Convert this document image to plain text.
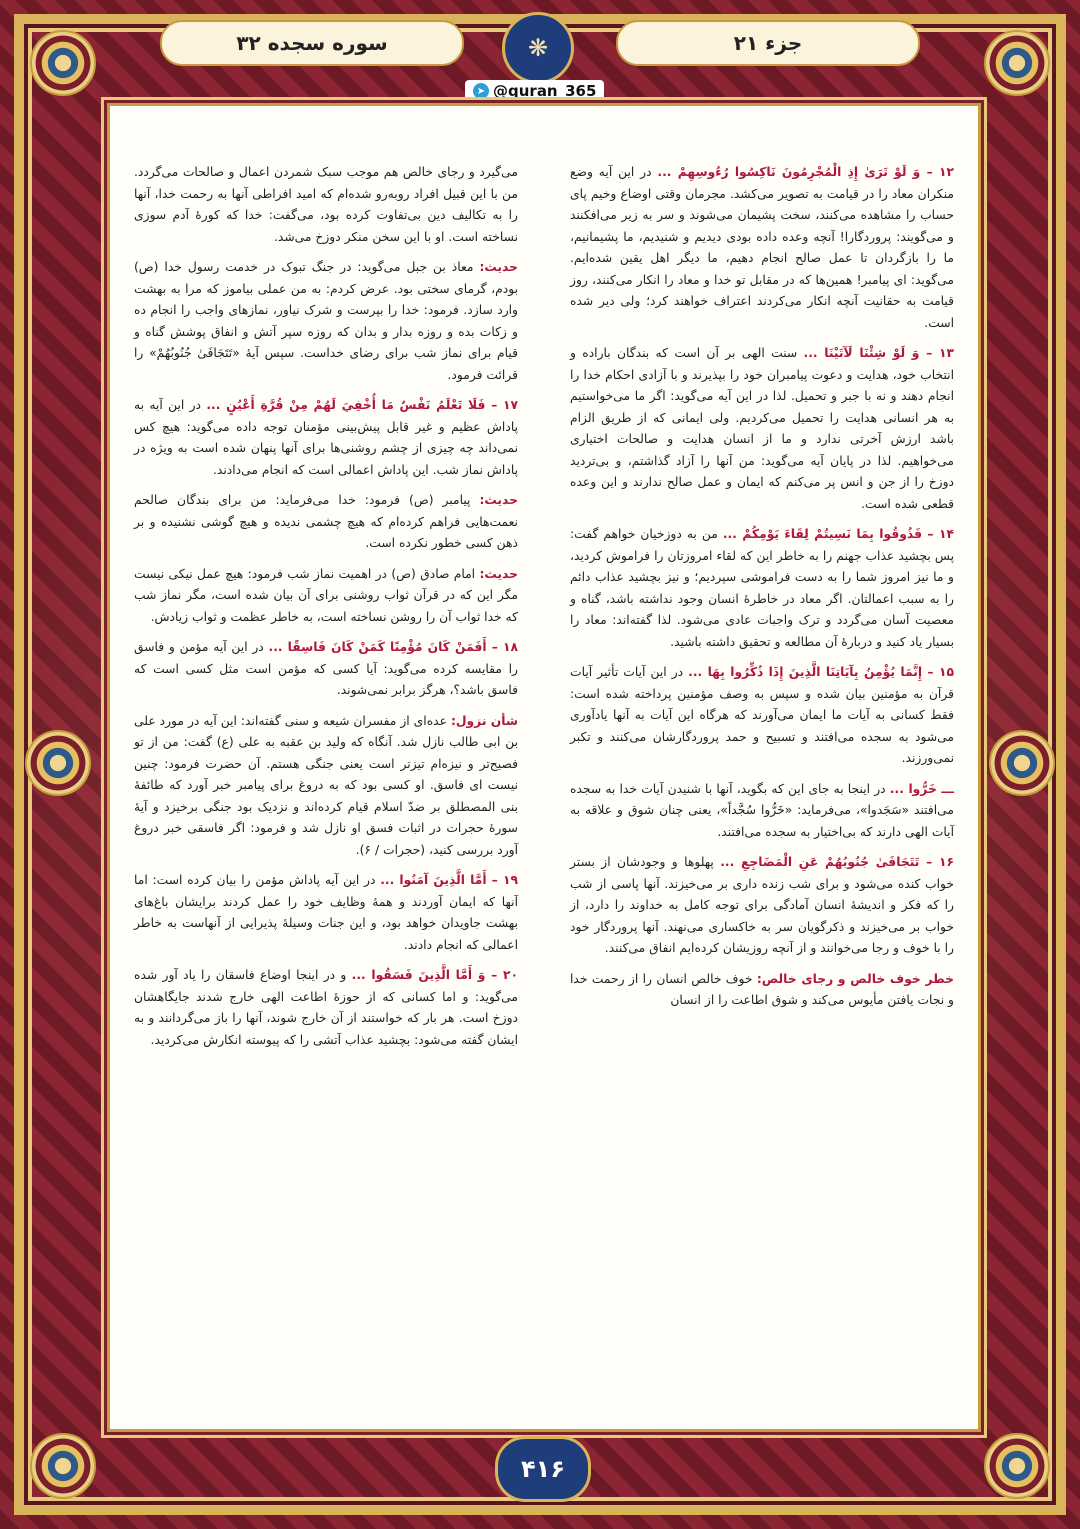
جزء ۲۱
سوره سجده ۳۲	❋
➤ @quran_365

۱۲ – وَ لَوْ تَرَىٰ إِذِ الْمُجْرِمُونَ نَاكِسُوا رُءُوسِهِمْ ... در این آیه وضع منکران معاد را در قیامت به تصویر می‌کشد. مجرمان وقتی اوضاع وخیم پای حساب را مشاهده می‌کنند، سخت پشیمان می‌شوند و سر به زیر می‌افکنند و می‌گویند: پروردگارا! آنچه وعده داده بودی دیدیم و شنیدیم، ما پشیمانیم، ما را بازگردان تا عمل صالح انجام دهیم، ما دیگر اهل یقین شده‌ایم. می‌گوید: ای پیامبر! همین‌ها که در مقابل تو خدا و معاد را انکار می‌کنند، روز قیامت به حقانیت آنچه انکار می‌کردند اعتراف خواهند کرد؛ ولی دیر شده است.

۱۳ – وَ لَوْ شِئْنَا لَآتَيْنَا ... سنت الهی بر آن است که بندگان باراده و انتخاب خود، هدایت و دعوت پیامبران خود را بپذیرند و با آزادی احکام خدا را انجام دهند و نه با جبر و تحمیل. لذا در این آیه می‌گوید: اگر ما می‌خواستیم به هر انسانی هدایت را تحمیل می‌کردیم. ولی ایمانی که از طریق الزام باشد ارزش آخرتی ندارد و ما از انسان هدایت و صالحات اختیاری می‌خواهیم. لذا در پایان آیه می‌گوید: من آنها را آزاد گذاشتم، و بی‌تردید دوزخ را از جن و انس پر می‌کنم که ایمان و عمل صالح ندارند و این وعده قطعی شده است.

۱۴ – فَذُوقُوا بِمَا نَسِيتُمْ لِقَاءَ يَوْمِكُمْ ... من به دوزخیان خواهم گفت: پس بچشید عذاب جهنم را به خاطر این که لقاء امروزتان را فراموش کردید، و ما نیز امروز شما را به دست فراموشی سپردیم؛ و نیز بچشید عذاب دائم را به سبب اعمالتان. اگر معاد در خاطرهٔ انسان وجود نداشته باشد، گناه و معصیت آسان می‌گردد و ترک واجبات عادی می‌شود. لذا گفته‌اند: معاد را بسیار یاد کنید و دربارهٔ آن مطالعه و تحقیق داشته باشید.

۱۵ – إِنَّمَا يُؤْمِنُ بِآيَاتِنَا الَّذِينَ إِذَا ذُكِّرُوا بِهَا ... در این آیات تأثیر آیات قرآن به مؤمنین بیان شده و سپس به وصف مؤمنین پرداخته شده است: فقط کسانی به آیات ما ایمان می‌آورند که هرگاه این آیات به آنها یادآوری می‌شود به سجده می‌افتند و تسبیح و حمد پروردگارشان می‌کنند و تکبر نمی‌ورزند.

ـــ خَرُّوا ... در اینجا به جای این که بگوید، آنها با شنیدن آیات خدا به سجده می‌افتند «سَجَدوا»، می‌فرماید: «خَرُّوا سُجَّداً»، یعنی چنان شوق و علاقه به آیات الهی دارند که بی‌اختیار به سجده می‌افتند.

۱۶ – تَتَجَافَىٰ جُنُوبُهُمْ عَنِ الْمَضَاجِعِ ... پهلوها و وجودشان از بستر خواب کنده می‌شود و برای شب زنده داری بر می‌خیزند. آنها پاسی از شب را که فکر و اندیشهٔ انسان آمادگی برای توجه کامل به خداوند را دارد، از خواب بر می‌خیزند و ذکرگویان سر به خاکساری می‌نهند. آنها پروردگار خود را با خوف و رجا می‌خوانند و از آنچه روزیشان کرده‌ایم انفاق می‌کنند.

خطر خوف خالص و رجای خالص: خوف خالص انسان را از رحمت خدا و نجات یافتن مأیوس می‌کند و شوق اطاعت را از انسان

می‌گیرد و رجای خالص هم موجب سبک شمردن اعمال و صالحات می‌گردد. من با این قبیل افراد روبه‌رو شده‌ام که امید افراطی آنها به رحمت خدا، آنها را به تکالیف دین بی‌تفاوت کرده بود، می‌گفت: خدا که کورهٔ آدم سوزی نساخته است. او با این سخن منکر دوزخ می‌شد.

حدیث: معاذ بن جبل می‌گوید: در جنگ تبوک در خدمت رسول خدا (ص) بودم، گرمای سختی بود. عرض کردم: به من عملی بیاموز که مرا به بهشت وارد سازد. فرمود: خدا را بپرست و شرک نیاور، نمازهای واجب را انجام ده و زکات بده و روزه بدار و بدان که روزه سپر آتش و انفاق پوشش گناه و قیام برای نماز شب برای رضای خداست. سپس آیهٔ «تَتَجَافَىٰ جُنُوبُهُمْ» را قرائت فرمود.

۱۷ – فَلَا تَعْلَمُ نَفْسٌ مَا أُخْفِيَ لَهُمْ مِنْ قُرَّةِ أَعْيُنٍ ... در این آیه به پاداش عظیم و غیر قابل پیش‌بینی مؤمنان توجه داده می‌گوید: هیچ کس نمی‌داند چه چیزی از چشم روشنی‌ها برای آنها پنهان شده است به ویژه در پاداش نماز شب. این پاداش اعمالی است که انجام می‌دادند.

حدیث: پیامبر (ص) فرمود: خدا می‌فرماید: من برای بندگان صالحم نعمت‌هایی فراهم کرده‌ام که هیچ چشمی ندیده و هیچ گوشی نشنیده و بر ذهن کسی خطور نکرده است.

حدیث: امام صادق (ص) در اهمیت نماز شب فرمود: هیچ عمل نیکی نیست مگر این که در قرآن ثواب روشنی برای آن بیان شده است، مگر نماز شب که خدا ثواب آن را روشن نساخته است، به خاطر عظمت و ثواب زیادش.

۱۸ – أَفَمَنْ كَانَ مُؤْمِنًا كَمَنْ كَانَ فَاسِقًا ... در این آیه مؤمن و فاسق را مقایسه کرده می‌گوید: آیا کسی که مؤمن است مثل کسی است که فاسق باشد؟، هرگز برابر نمی‌شوند.

شأن نزول: عده‌ای از مفسران شیعه و سنی گفته‌اند: این آیه در مورد علی بن ابی طالب نازل شد. آنگاه که ولید بن عقبه به علی (ع) گفت: من از تو فصیح‌تر و نیزه‌ام تیزتر است یعنی جنگی هستم. آن حضرت فرمود: چنین نیست ای فاسق. او کسی بود که به دروغ برای پیامبر خبر آورد که طائفهٔ بنی المصطلق بر ضدّ اسلام قیام کرده‌اند و نزدیک بود جنگی برخیزد و آیهٔ سورهٔ حجرات در اثبات فسق او نازل شد و فرمود: اگر فاسقی خبر دروغ آورد بررسی کنید، (حجرات / ۶).

۱۹ – أَمَّا الَّذِينَ آمَنُوا ... در این آیه پاداش مؤمن را بیان کرده است: اما آنها که ایمان آوردند و همهٔ وظایف خود را عمل کردند برایشان باغ‌های بهشت جاویدان خواهد بود، و این جنات وسیلهٔ پذیرایی از آنهاست به خاطر اعمالی که انجام دادند.

۲۰ – وَ أَمَّا الَّذِينَ فَسَقُوا ... و در اینجا اوضاع فاسقان را یاد آور شده می‌گوید: و اما کسانی که از حوزهٔ اطاعت الهی خارج شدند جایگاهشان دوزخ است. هر بار که خواستند از آن خارج شوند، آنها را باز می‌گردانند و به ایشان گفته می‌شود: بچشید عذاب آتشی را که پیوسته انکارش می‌کردید.

۴۱۶
